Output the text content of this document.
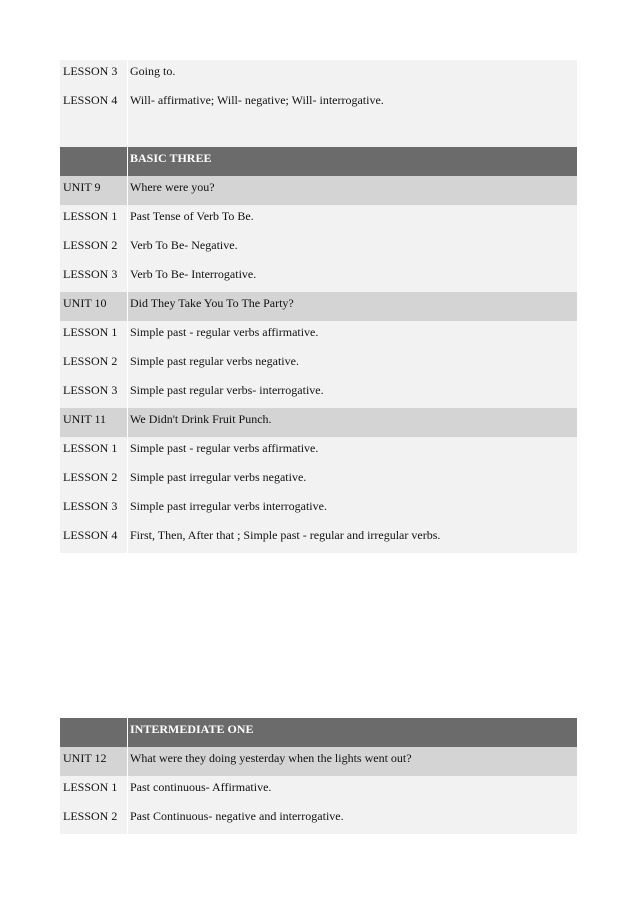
LESSON 3	Going to.
LESSON 4	Will- affirmative; Will- negative; Will- interrogative.

	BASIC THREE
UNIT 9	Where were you?
LESSON 1	Past Tense of Verb To Be.
LESSON 2	Verb To Be- Negative.
LESSON 3	Verb To Be- Interrogative.
UNIT 10	Did They Take You To The Party?
LESSON 1	Simple past - regular verbs affirmative.
LESSON 2	Simple past regular verbs negative.
LESSON 3	Simple past regular verbs- interrogative.
UNIT 11	We Didn't Drink Fruit Punch.
LESSON 1	Simple past - regular verbs affirmative.
LESSON 2	Simple past irregular verbs negative.
LESSON 3	Simple past irregular verbs interrogative.
LESSON 4	First, Then, After that ; Simple past - regular and irregular verbs.
	INTERMEDIATE ONE
UNIT 12	What were they doing yesterday when the lights went out?
LESSON 1	Past continuous- Affirmative.
LESSON 2	Past Continuous- negative and interrogative.
